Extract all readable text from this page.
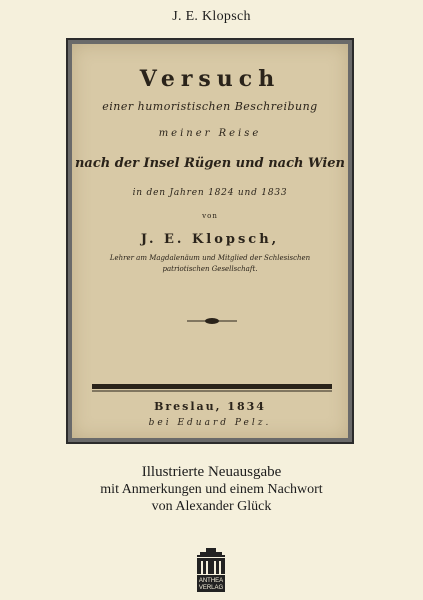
J. E. Klopsch
Versuch
einer humoristischen Beschreibung
meiner Reise
nach der Insel Rügen und nach Wien
in den Jahren 1824 und 1833
von
J. E. Klopsch,
Lehrer am Magdalenäum und Mitglied der Schlesischen
patriotischen Gesellschaft.
Breslau, 1834
bei Eduard Pelz.
Illustrierte Neuausgabe
mit Anmerkungen und einem Nachwort
von Alexander Glück
ANTHEA
VERLAG
